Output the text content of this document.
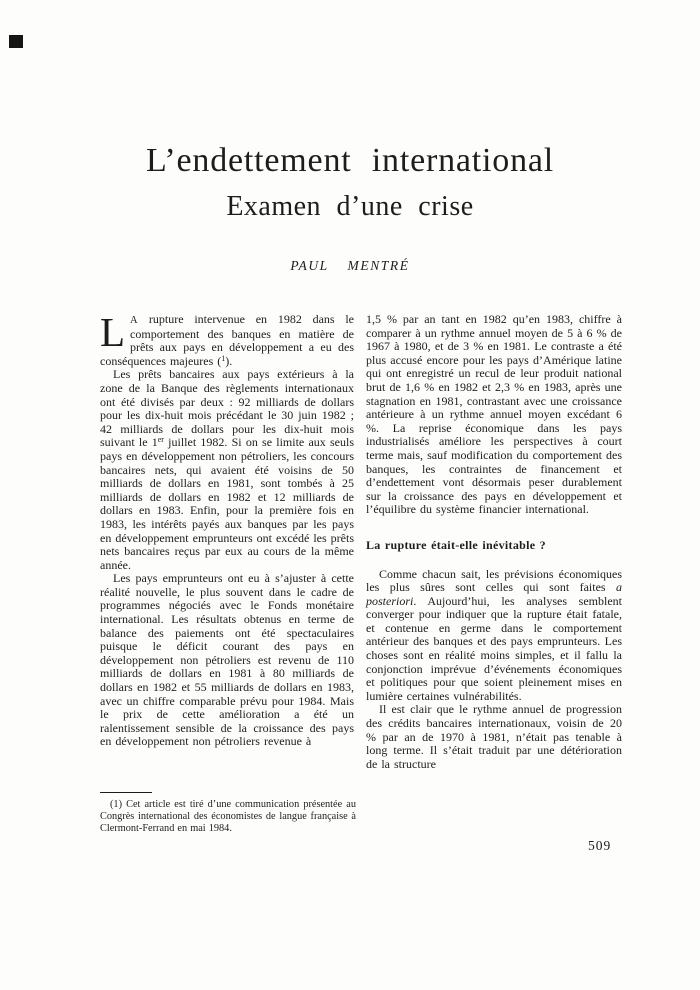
L’endettement international
Examen d’une crise
PAUL MENTRÉ

L A rupture intervenue en 1982 dans le comportement des banques en matière de prêts aux pays en développement a eu des conséquences majeures ($^1$).

Les prêts bancaires aux pays extérieurs à la zone de la Banque des règlements internationaux ont été divisés par deux : 92 milliards de dollars pour les dix-huit mois précédant le 30 juin 1982 ; 42 milliards de dollars pour les dix-huit mois suivant le 1er juillet 1982. Si on se limite aux seuls pays en développement non pétroliers, les concours bancaires nets, qui avaient été voisins de 50 milliards de dollars en 1981, sont tombés à 25 milliards de dollars en 1982 et 12 milliards de dollars en 1983. Enfin, pour la première fois en 1983, les intérêts payés aux banques par les pays en développement emprunteurs ont excédé les prêts nets bancaires reçus par eux au cours de la même année.

Les pays emprunteurs ont eu à s’ajuster à cette réalité nouvelle, le plus souvent dans le cadre de programmes négociés avec le Fonds monétaire international. Les résultats obtenus en terme de balance des paiements ont été spectaculaires puisque le déficit courant des pays en développement non pétroliers est revenu de 110 milliards de dollars en 1981 à 80 milliards de dollars en 1982 et 55 milliards de dollars en 1983, avec un chiffre comparable prévu pour 1984. Mais le prix de cette amélioration a été un ralentissement sensible de la croissance des pays en développement non pétroliers revenue à

1,5 % par an tant en 1982 qu’en 1983, chiffre à comparer à un rythme annuel moyen de 5 à 6 % de 1967 à 1980, et de 3 % en 1981. Le contraste a été plus accusé encore pour les pays d’Amérique latine qui ont enregistré un recul de leur produit national brut de 1,6 % en 1982 et 2,3 % en 1983, après une stagnation en 1981, contrastant avec une croissance antérieure à un rythme annuel moyen excédant 6 %. La reprise économique dans les pays industrialisés améliore les perspectives à court terme mais, sauf modification du comportement des banques, les contraintes de financement et d’endettement vont désormais peser durablement sur la croissance des pays en développement et l’équilibre du système financier international.

La rupture était-elle inévitable ?

Comme chacun sait, les prévisions économiques les plus sûres sont celles qui sont faites a posteriori. Aujourd’hui, les analyses semblent converger pour indiquer que la rupture était fatale, et contenue en germe dans le comportement antérieur des banques et des pays emprunteurs. Les choses sont en réalité moins simples, et il fallu la conjonction imprévue d’événements économiques et politiques pour que soient pleinement mises en lumière certaines vulnérabilités.

Il est clair que le rythme annuel de progression des crédits bancaires internationaux, voisin de 20 % par an de 1970 à 1981, n’était pas tenable à long terme. Il s’était traduit par une détérioration de la structure

(1) Cet article est tiré d’une communication présentée au Congrès international des économistes de langue française à Clermont-Ferrand en mai 1984.

509
